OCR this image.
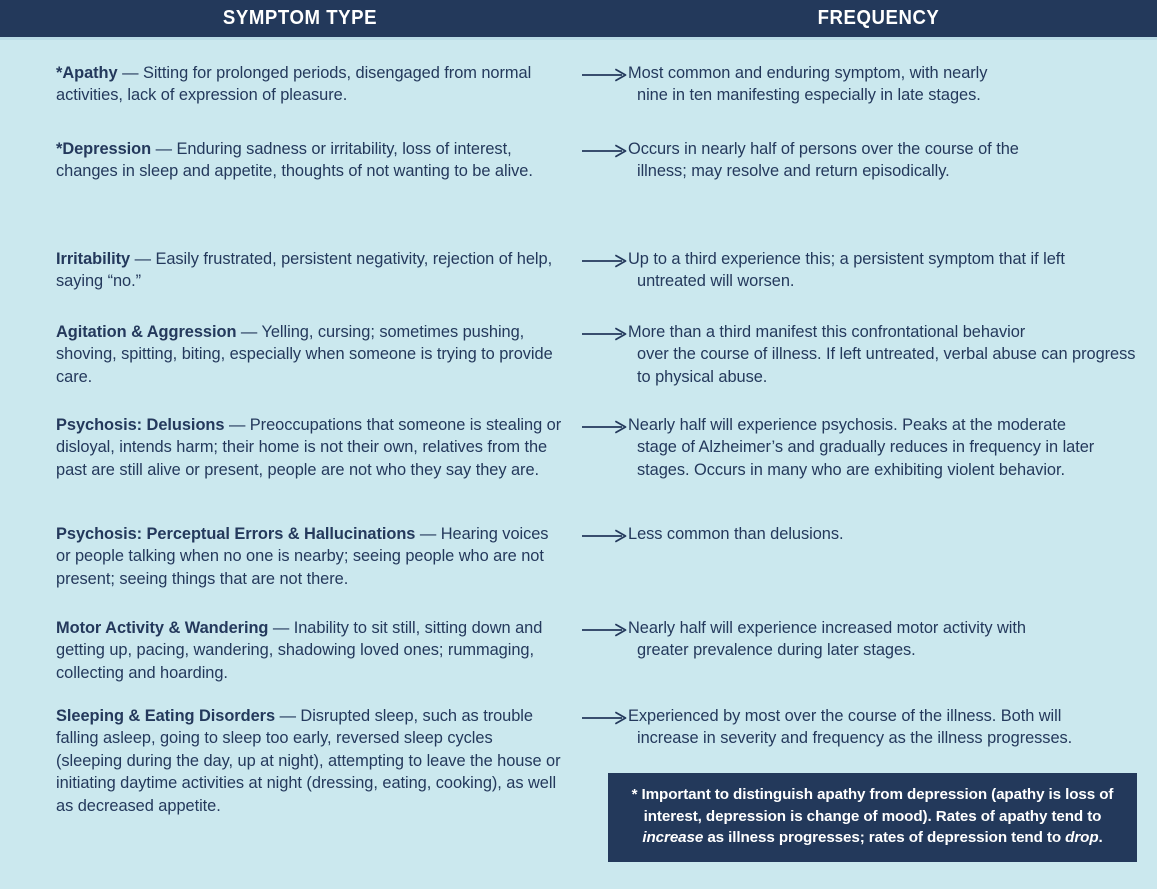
SYMPTOM TYPE	FREQUENCY
*Apathy — Sitting for prolonged periods, disengaged from normal activities, lack of expression of pleasure.
Most common and enduring symptom, with nearly
nine in ten manifesting especially in late stages.
*Depression — Enduring sadness or irritability, loss of interest, changes in sleep and appetite, thoughts of not wanting to be alive.
Occurs in nearly half of persons over the course of the
illness; may resolve and return episodically.
Irritability — Easily frustrated, persistent negativity, rejection of help, saying “no.”
Up to a third experience this; a persistent symptom that if left
untreated will worsen.
Agitation & Aggression — Yelling, cursing; sometimes pushing, shoving, spitting, biting, especially when someone is trying to provide care.
More than a third manifest this confrontational behavior
over the course of illness. If left untreated, verbal abuse can progress to physical abuse.
Psychosis: Delusions — Preoccupations that someone is stealing or disloyal, intends harm; their home is not their own, relatives from the past are still alive or present, people are not who they say they are.
Nearly half will experience psychosis. Peaks at the moderate
stage of Alzheimer’s and gradually reduces in frequency in later stages. Occurs in many who are exhibiting violent behavior.
Psychosis: Perceptual Errors & Hallucinations — Hearing voices or people talking when no one is nearby; seeing people who are not present; seeing things that are not there.
Less common than delusions.
Motor Activity & Wandering — Inability to sit still, sitting down and getting up, pacing, wandering, shadowing loved ones; rummaging, collecting and hoarding.
Nearly half will experience increased motor activity with
greater prevalence during later stages.
Sleeping & Eating Disorders — Disrupted sleep, such as trouble falling asleep, going to sleep too early, reversed sleep cycles (sleeping during the day, up at night), attempting to leave the house or initiating daytime activities at night (dressing, eating, cooking), as well as decreased appetite.
Experienced by most over the course of the illness. Both will
increase in severity and frequency as the illness progresses.
* Important to distinguish apathy from depression (apathy is loss of interest, depression is change of mood). Rates of apathy tend to increase as illness progresses; rates of depression tend to drop.
